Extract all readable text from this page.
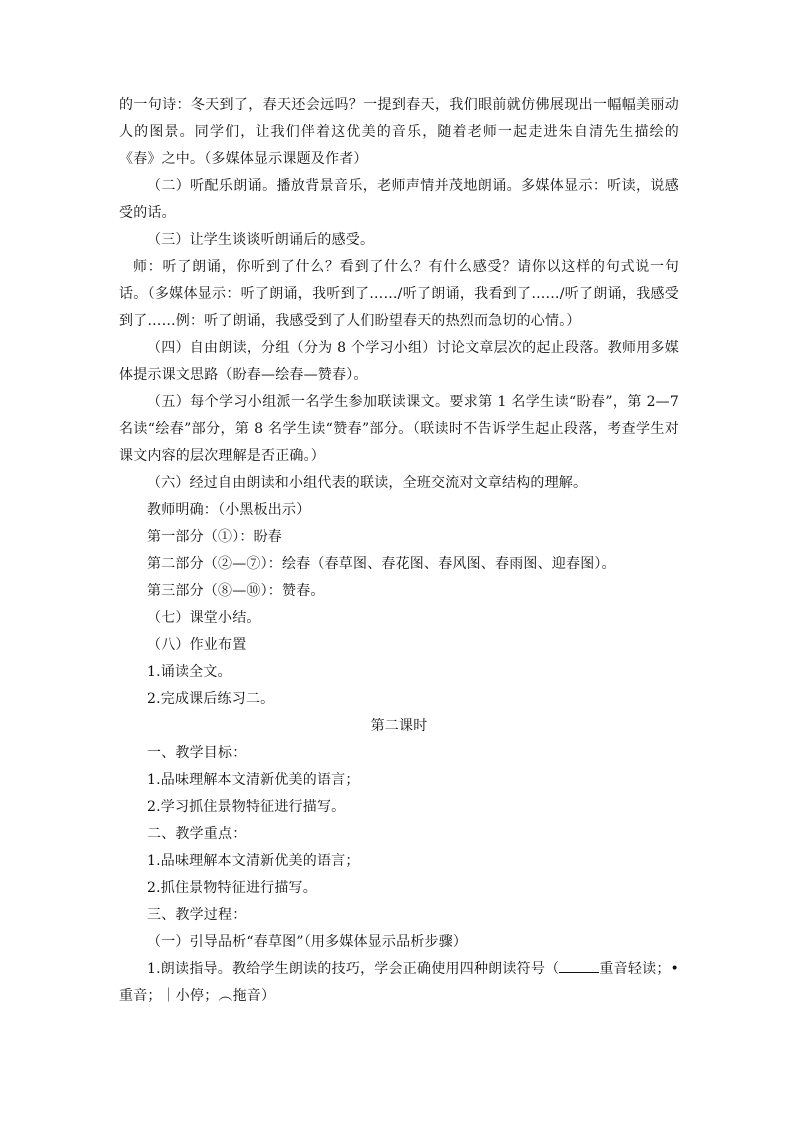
的一句诗：冬天到了，春天还会远吗？一提到春天，我们眼前就仿佛展现出一幅幅美丽动人的图景。同学们，让我们伴着这优美的音乐，随着老师一起走进朱自清先生描绘的《春》之中。（多媒体显示课题及作者）

（二）听配乐朗诵。播放背景音乐，老师声情并茂地朗诵。多媒体显示：听读，说感受的话。

（三）让学生谈谈听朗诵后的感受。

师：听了朗诵，你听到了什么？看到了什么？有什么感受？请你以这样的句式说一句话。（多媒体显示：听了朗诵，我听到了……/听了朗诵，我看到了……/听了朗诵，我感受到了……例：听了朗诵，我感受到了人们盼望春天的热烈而急切的心情。）

（四）自由朗读，分组（分为 8 个学习小组）讨论文章层次的起止段落。教师用多媒体提示课文思路（盼春—绘春—赞春）。

（五）每个学习小组派一名学生参加联读课文。要求第 1 名学生读“盼春”，第 2—7 名读“绘春”部分，第 8 名学生读“赞春”部分。（联读时不告诉学生起止段落，考查学生对课文内容的层次理解是否正确。）

（六）经过自由朗读和小组代表的联读，全班交流对文章结构的理解。

教师明确：（小黑板出示）

第一部分（①）：盼春

第二部分（②—⑦）：绘春（春草图、春花图、春风图、春雨图、迎春图）。

第三部分（⑧—⑩）：赞春。

（七）课堂小结。

（八）作业布置

1.诵读全文。

2.完成课后练习二。

第二课时

一、教学目标：

1.品味理解本文清新优美的语言；

2.学习抓住景物特征进行描写。

二、教学重点：

1.品味理解本文清新优美的语言；

2.抓住景物特征进行描写。

三、教学过程：

（一）引导品析“春草图”（用多媒体显示品析步骤）

1.朗读指导。教给学生朗读的技巧，学会正确使用四种朗读符号（	重音轻读；•重音；｜小停；︵拖音）
